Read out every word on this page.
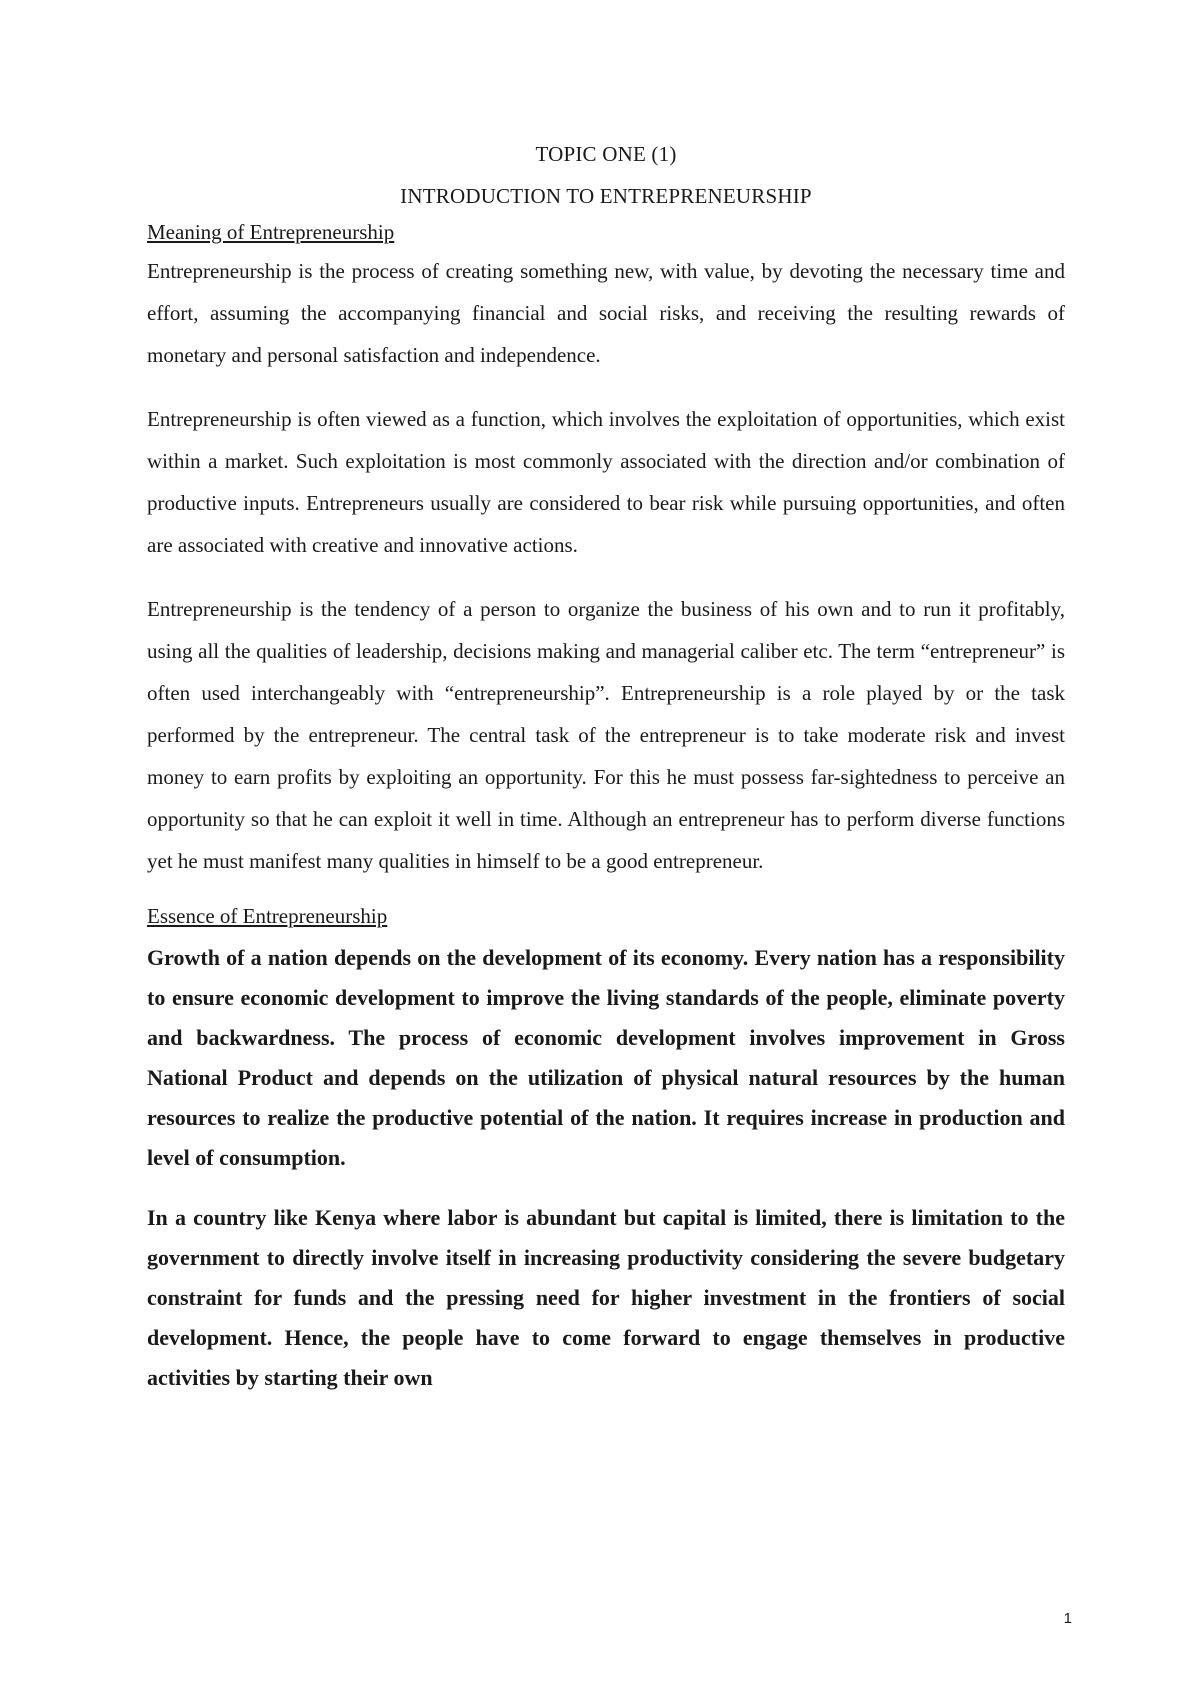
TOPIC ONE (1)

INTRODUCTION TO ENTREPRENEURSHIP

Meaning of Entrepreneurship

Entrepreneurship is the process of creating something new, with value, by devoting the necessary time and effort, assuming the accompanying financial and social risks, and receiving the resulting rewards of monetary and personal satisfaction and independence.

Entrepreneurship is often viewed as a function, which involves the exploitation of opportunities, which exist within a market. Such exploitation is most commonly associated with the direction and/or combination of productive inputs. Entrepreneurs usually are considered to bear risk while pursuing opportunities, and often are associated with creative and innovative actions.

Entrepreneurship is the tendency of a person to organize the business of his own and to run it profitably, using all the qualities of leadership, decisions making and managerial caliber etc. The term “entrepreneur” is often used interchangeably with “entrepreneurship”. Entrepreneurship is a role played by or the task performed by the entrepreneur. The central task of the entrepreneur is to take moderate risk and invest money to earn profits by exploiting an opportunity. For this he must possess far-sightedness to perceive an opportunity so that he can exploit it well in time. Although an entrepreneur has to perform diverse functions yet he must manifest many qualities in himself to be a good entrepreneur.

Essence of Entrepreneurship

Growth of a nation depends on the development of its economy. Every nation has a responsibility to ensure economic development to improve the living standards of the people, eliminate poverty and backwardness. The process of economic development involves improvement in Gross National Product and depends on the utilization of physical natural resources by the human resources to realize the productive potential of the nation. It requires increase in production and level of consumption.

In a country like Kenya where labor is abundant but capital is limited, there is limitation to the government to directly involve itself in increasing productivity considering the severe budgetary constraint for funds and the pressing need for higher investment in the frontiers of social development. Hence, the people have to come forward to engage themselves in productive activities by starting their own

1
